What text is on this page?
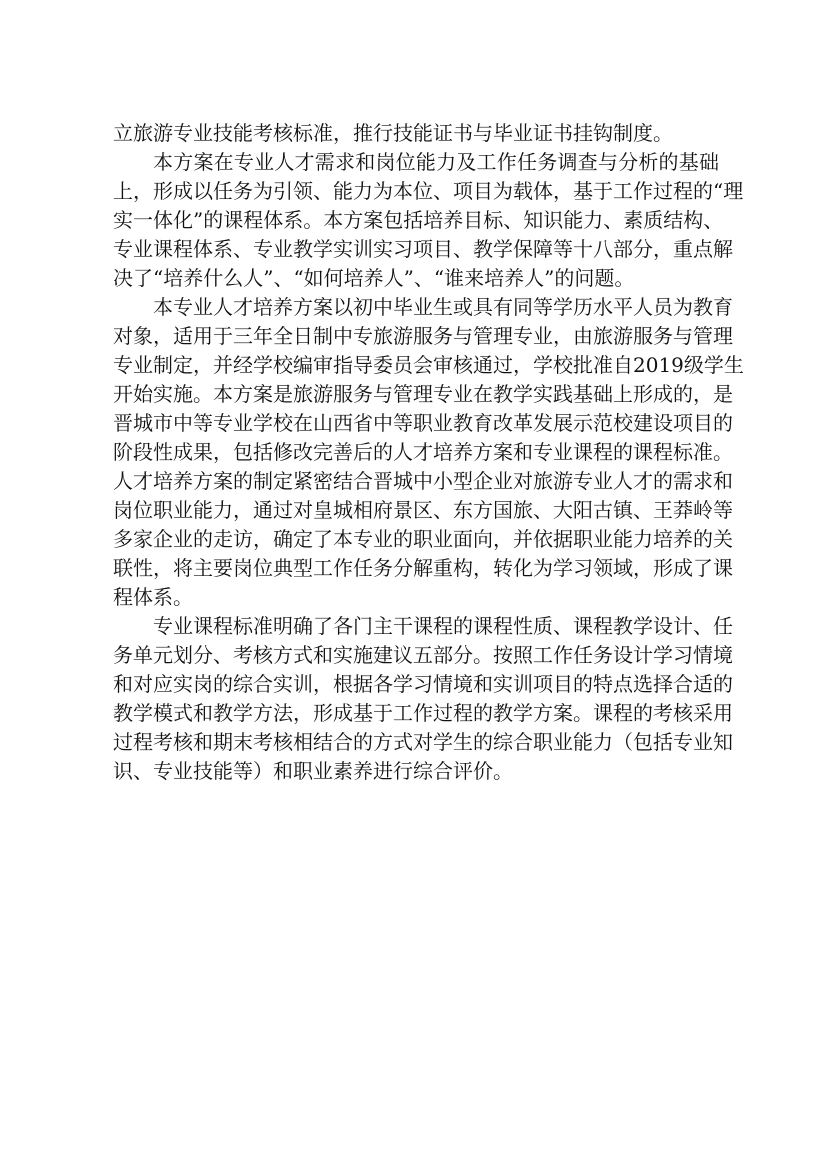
立旅游专业技能考核标准，推行技能证书与毕业证书挂钩制度。
本方案在专业人才需求和岗位能力及工作任务调查与分析的基础
上，形成以任务为引领、能力为本位、项目为载体，基于工作过程的“理
实一体化”的课程体系。本方案包括培养目标、知识能力、素质结构、
专业课程体系、专业教学实训实习项目、教学保障等十八部分，重点解
决了“培养什么人”、“如何培养人”、“谁来培养人”的问题。
本专业人才培养方案以初中毕业生或具有同等学历水平人员为教育
对象，适用于三年全日制中专旅游服务与管理专业，由旅游服务与管理
专业制定，并经学校编审指导委员会审核通过，学校批准自2019级学生
开始实施。本方案是旅游服务与管理专业在教学实践基础上形成的，是
晋城市中等专业学校在山西省中等职业教育改革发展示范校建设项目的
阶段性成果，包括修改完善后的人才培养方案和专业课程的课程标准。
人才培养方案的制定紧密结合晋城中小型企业对旅游专业人才的需求和
岗位职业能力，通过对皇城相府景区、东方国旅、大阳古镇、王莽岭等
多家企业的走访，确定了本专业的职业面向，并依据职业能力培养的关
联性，将主要岗位典型工作任务分解重构，转化为学习领域，形成了课
程体系。
专业课程标准明确了各门主干课程的课程性质、课程教学设计、任
务单元划分、考核方式和实施建议五部分。按照工作任务设计学习情境
和对应实岗的综合实训，根据各学习情境和实训项目的特点选择合适的
教学模式和教学方法，形成基于工作过程的教学方案。课程的考核采用
过程考核和期末考核相结合的方式对学生的综合职业能力（包括专业知
识、专业技能等）和职业素养进行综合评价。
